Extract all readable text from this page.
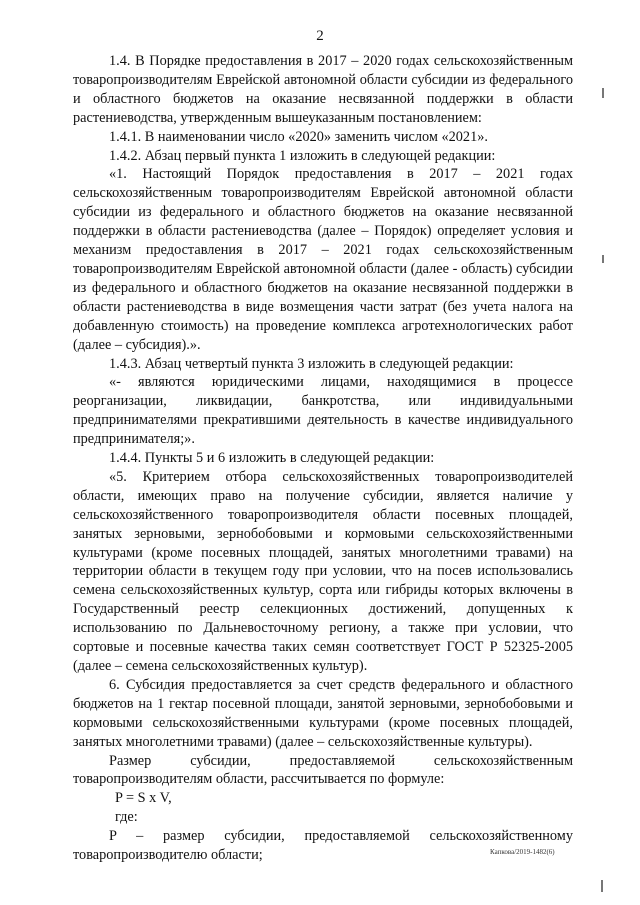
2

1.4. В Порядке предоставления в 2017 – 2020 годах сельскохозяйственным товаропроизводителям Еврейской автономной области субсидии из федерального и областного бюджетов на оказание несвязанной поддержки в области растениеводства, утвержденным вышеуказанным постановлением:

1.4.1. В наименовании число «2020» заменить числом «2021».

1.4.2. Абзац первый пункта 1 изложить в следующей редакции:

«1. Настоящий Порядок предоставления в 2017 – 2021 годах сельскохозяйственным товаропроизводителям Еврейской автономной области субсидии из федерального и областного бюджетов на оказание несвязанной поддержки в области растениеводства (далее – Порядок) определяет условия и механизм предоставления в 2017 – 2021 годах сельскохозяйственным товаропроизводителям Еврейской автономной области (далее - область) субсидии из федерального и областного бюджетов на оказание несвязанной поддержки в области растениеводства в виде возмещения части затрат (без учета налога на добавленную стоимость) на проведение комплекса агротехнологических работ (далее – субсидия).».

1.4.3. Абзац четвертый пункта 3 изложить в следующей редакции:

«- являются юридическими лицами, находящимися в процессе реорганизации, ликвидации, банкротства, или индивидуальными предпринимателями прекратившими деятельность в качестве индивидуального предпринимателя;».

1.4.4. Пункты 5 и 6 изложить в следующей редакции:

«5. Критерием отбора сельскохозяйственных товаропроизводителей области, имеющих право на получение субсидии, является наличие у сельскохозяйственного товаропроизводителя области посевных площадей, занятых зерновыми, зернобобовыми и кормовыми сельскохозяйственными культурами (кроме посевных площадей, занятых многолетними травами) на территории области в текущем году при условии, что на посев использовались семена сельскохозяйственных культур, сорта или гибриды которых включены в Государственный реестр селекционных достижений, допущенных к использованию по Дальневосточному региону, а также при условии, что сортовые и посевные качества таких семян соответствует ГОСТ Р 52325-2005 (далее – семена сельскохозяйственных культур).

6. Субсидия предоставляется за счет средств федерального и областного бюджетов на 1 гектар посевной площади, занятой зерновыми, зернобобовыми и кормовыми сельскохозяйственными культурами (кроме посевных площадей, занятых многолетними травами) (далее – сельскохозяйственные культуры).

Размер субсидии, предоставляемой сельскохозяйственным товаропроизводителям области, рассчитывается по формуле:

P = S x V,

где:

P – размер субсидии, предоставляемой сельскохозяйственному товаропроизводителю области;	Капкова/2019-1482(6)
